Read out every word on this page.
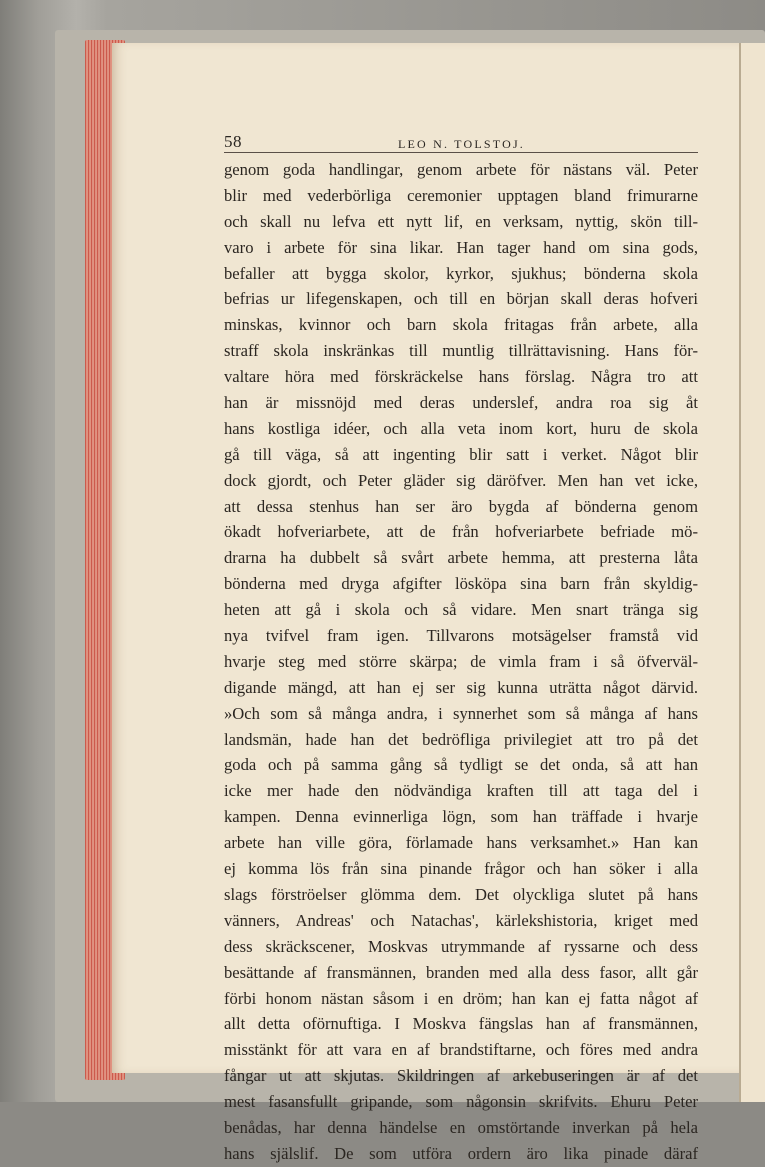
58	LEO N. TOLSTOJ.
genom goda handlingar, genom arbete för nästans väl. Peter
blir med vederbörliga ceremonier upptagen bland frimurarne
och skall nu lefva ett nytt lif, en verksam, nyttig, skön till-
varo i arbete för sina likar. Han tager hand om sina gods,
befaller att bygga skolor, kyrkor, sjukhus; bönderna skola
befrias ur lifegenskapen, och till en början skall deras hofveri
minskas, kvinnor och barn skola fritagas från arbete, alla
straff skola inskränkas till muntlig tillrättavisning. Hans för-
valtare höra med förskräckelse hans förslag. Några tro att
han är missnöjd med deras underslef, andra roa sig åt
hans kostliga idéer, och alla veta inom kort, huru de skola
gå till väga, så att ingenting blir satt i verket. Något blir
dock gjordt, och Peter gläder sig däröfver. Men han vet icke,
att dessa stenhus han ser äro bygda af bönderna genom
ökadt hofveriarbete, att de från hofveriarbete befriade mö-
drarna ha dubbelt så svårt arbete hemma, att presterna låta
bönderna med dryga afgifter lösköpa sina barn från skyldig-
heten att gå i skola och så vidare. Men snart tränga sig
nya tvifvel fram igen. Tillvarons motsägelser framstå vid
hvarje steg med större skärpa; de vimla fram i så öfverväl-
digande mängd, att han ej ser sig kunna uträtta något därvid.
»Och som så många andra, i synnerhet som så många af hans
landsmän, hade han det bedröfliga privilegiet att tro på det
goda och på samma gång så tydligt se det onda, så att han
icke mer hade den nödvändiga kraften till att taga del i
kampen. Denna evinnerliga lögn, som han träffade i hvarje
arbete han ville göra, förlamade hans verksamhet.» Han kan
ej komma lös från sina pinande frågor och han söker i alla
slags förströelser glömma dem. Det olyckliga slutet på hans
vänners, Andreas' och Natachas', kärlekshistoria, kriget med
dess skräckscener, Moskvas utrymmande af ryssarne och dess
besättande af fransmännen, branden med alla dess fasor, allt går
förbi honom nästan såsom i en dröm; han kan ej fatta något af
allt detta oförnuftiga. I Moskva fängslas han af fransmännen,
misstänkt för att vara en af brandstiftarne, och föres med andra
fångar ut att skjutas. Skildringen af arkebuseringen är af det
mest fasansfullt gripande, som någonsin skrifvits. Ehuru Peter
benådas, har denna händelse en omstörtande inverkan på hela
hans själslif. De som utföra ordern äro lika pinade däraf
